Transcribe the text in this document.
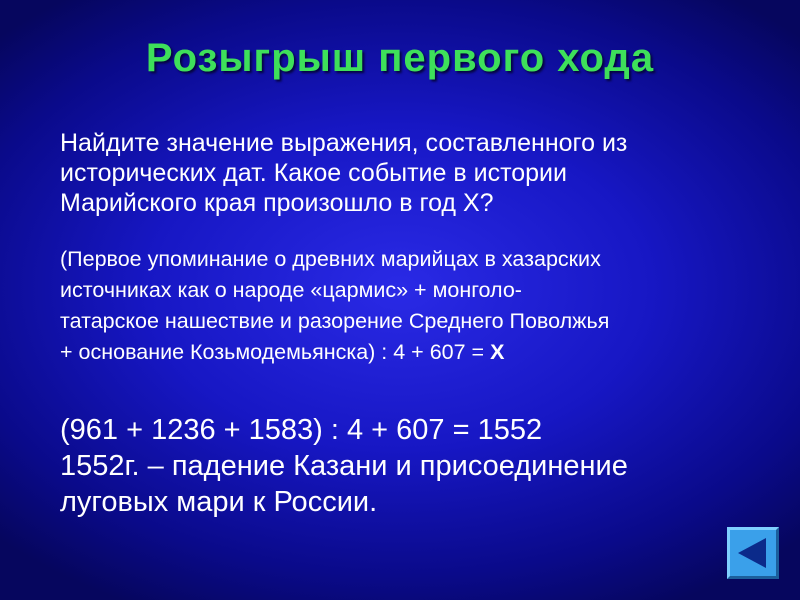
Розыгрыш первого хода
Найдите значение выражения, составленного из
исторических дат. Какое событие в истории
Марийского края произошло в год Х?
(Первое упоминание о древних марийцах в хазарских
источниках как о народе «цармис» + монголо-
татарское нашествие и разорение Среднего Поволжья
+ основание Козьмодемьянска) : 4 + 607 = Х
(961 + 1236 + 1583) : 4 + 607 = 1552
1552г. – падение Казани и присоединение
луговых мари к России.
